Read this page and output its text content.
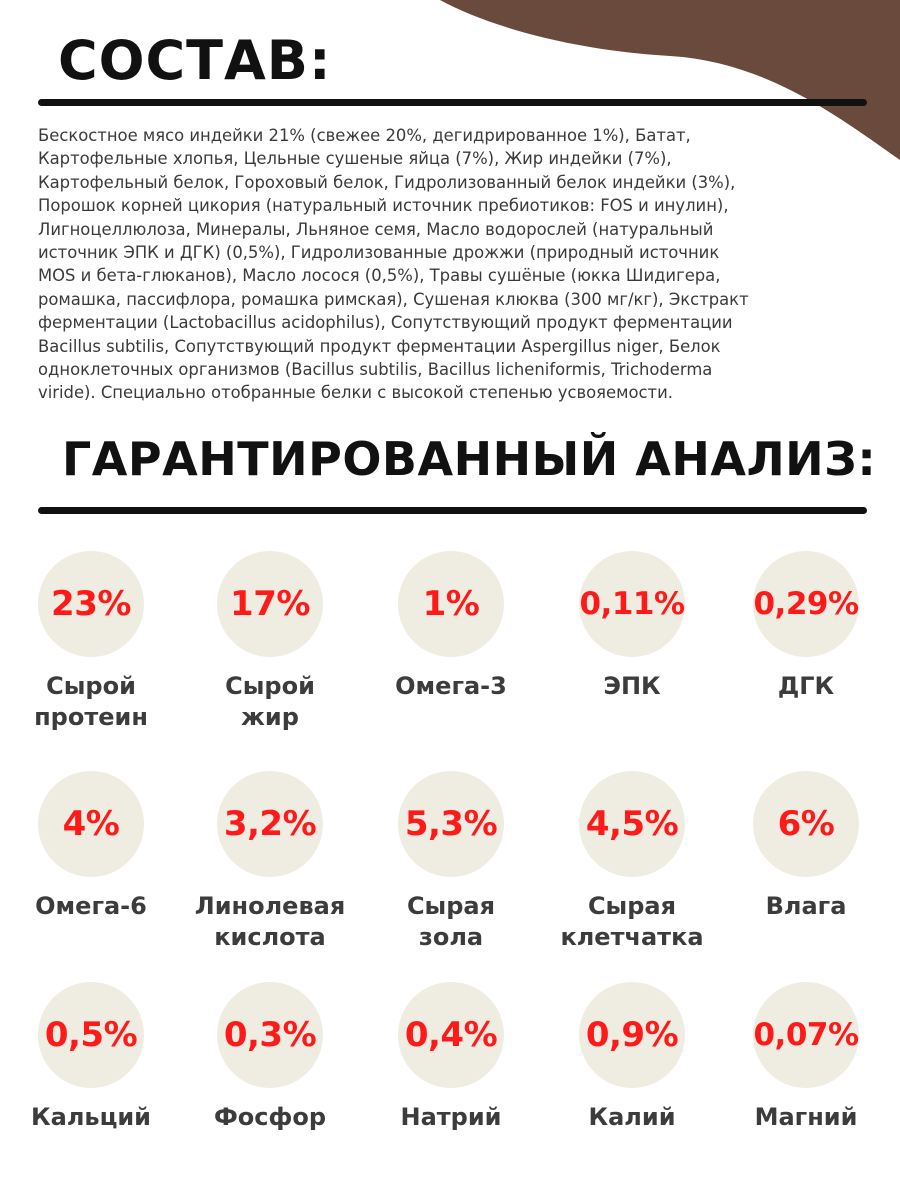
СОСТАВ:

Бескостное мясо индейки 21% (свежее 20%, дегидрированное 1%), Батат,
Картофельные хлопья, Цельные сушеные яйца (7%), Жир индейки (7%),
Картофельный белок, Гороховый белок, Гидролизованный белок индейки (3%),
Порошок корней цикория (натуральный источник пребиотиков: FOS и инулин),
Лигноцеллюлоза, Минералы, Льняное семя, Масло водорослей (натуральный
источник ЭПК и ДГК) (0,5%), Гидролизованные дрожжи (природный источник
MOS и бета-глюканов), Масло лосося (0,5%), Травы сушёные (юкка Шидигера,
ромашка, пассифлора, ромашка римская), Сушеная клюква (300 мг/кг), Экстракт
ферментации (Lactobacillus acidophilus), Сопутствующий продукт ферментации
Bacillus subtilis, Сопутствующий продукт ферментации Aspergillus niger, Белок
одноклеточных организмов (Bacillus subtilis, Bacillus licheniformis, Trichoderma
viride). Специально отобранные белки с высокой степенью усвояемости.

ГАРАНТИРОВАННЫЙ АНАЛИЗ:
23%
Сырой
протеин
17%
Сырой
жир
1%
Омега-3
0,11%
ЭПК
0,29%
ДГК
4%
Омега-6
3,2%
Линолевая
кислота
5,3%
Сырая
зола
4,5%
Сырая
клетчатка
6%
Влага
0,5%
Кальций
0,3%
Фосфор
0,4%
Натрий
0,9%
Калий
0,07%
Магний
